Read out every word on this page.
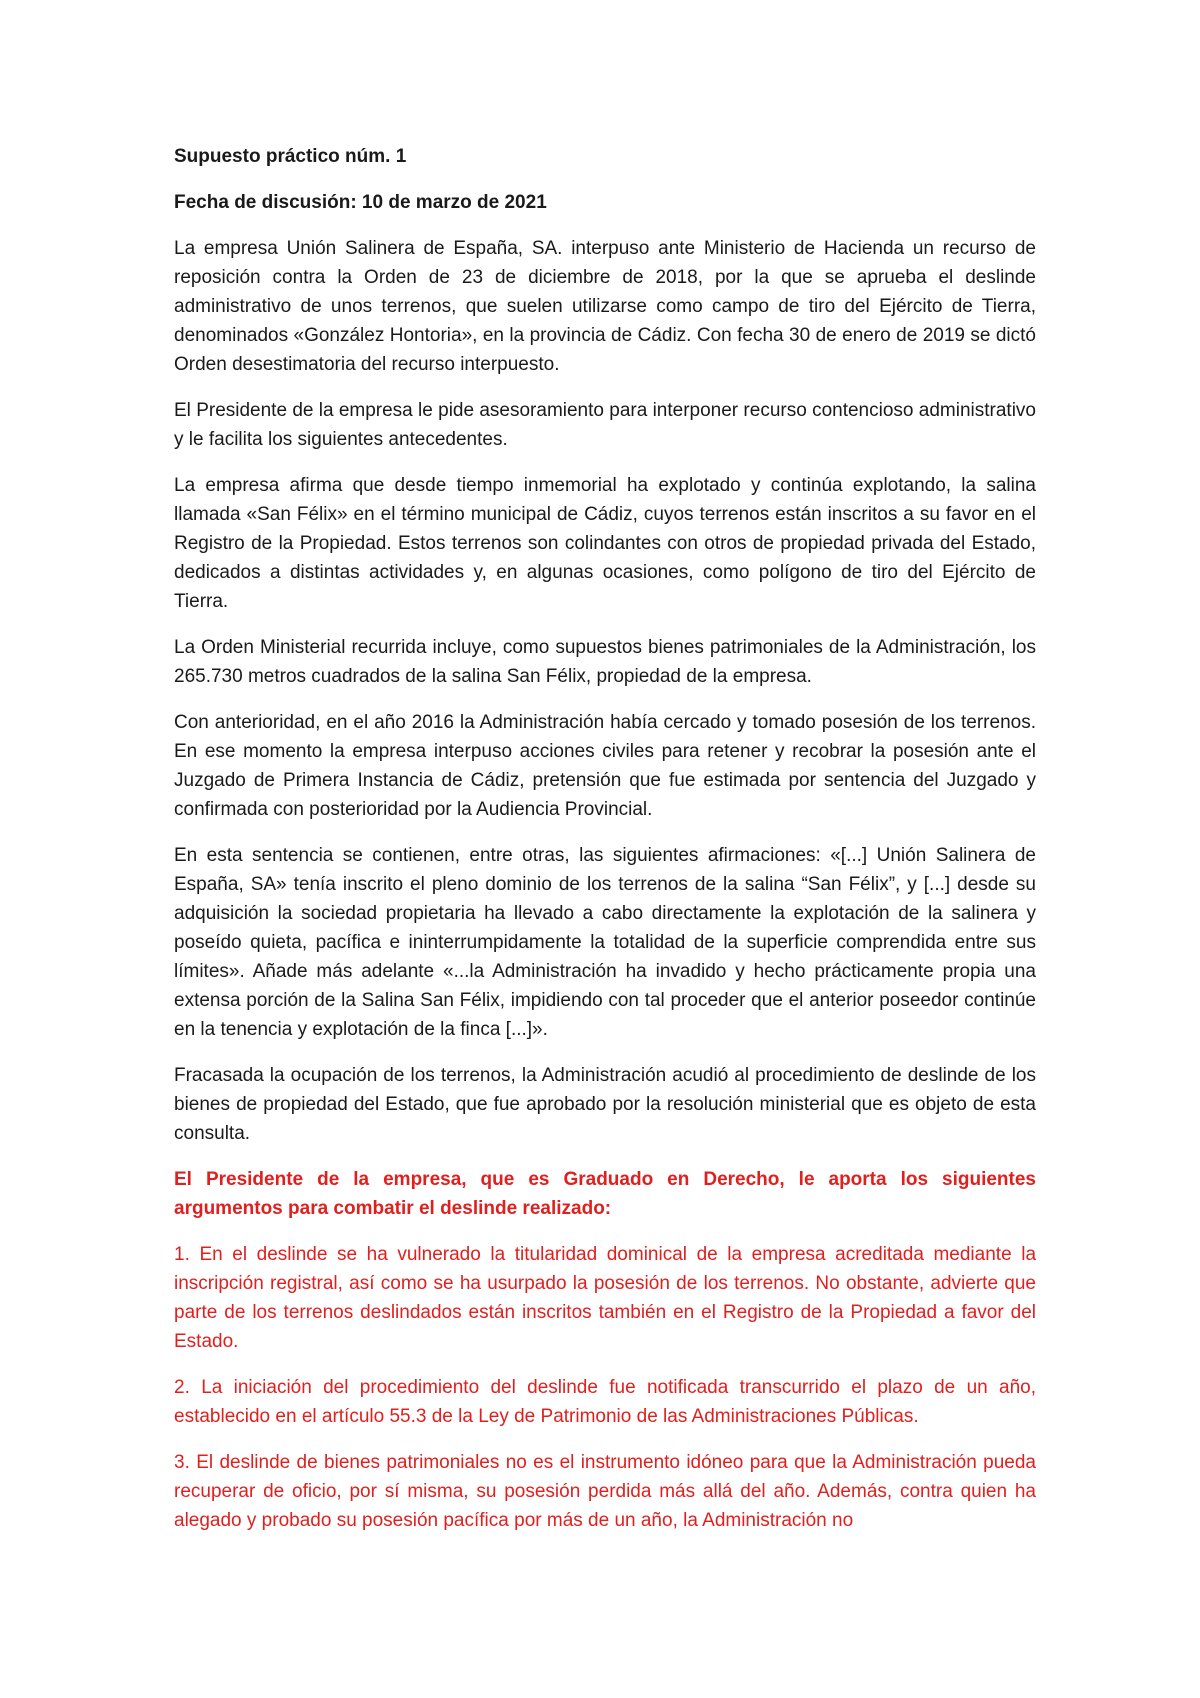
Supuesto práctico núm. 1

Fecha de discusión: 10 de marzo de 2021

La empresa Unión Salinera de España, SA. interpuso ante Ministerio de Hacienda un recurso de reposición contra la Orden de 23 de diciembre de 2018, por la que se aprueba el deslinde administrativo de unos terrenos, que suelen utilizarse como campo de tiro del Ejército de Tierra, denominados «González Hontoria», en la provincia de Cádiz. Con fecha 30 de enero de 2019 se dictó Orden desestimatoria del recurso interpuesto.

El Presidente de la empresa le pide asesoramiento para interponer recurso contencioso administrativo y le facilita los siguientes antecedentes.

La empresa afirma que desde tiempo inmemorial ha explotado y continúa explotando, la salina llamada «San Félix» en el término municipal de Cádiz, cuyos terrenos están inscritos a su favor en el Registro de la Propiedad. Estos terrenos son colindantes con otros de propiedad privada del Estado, dedicados a distintas actividades y, en algunas ocasiones, como polígono de tiro del Ejército de Tierra.

La Orden Ministerial recurrida incluye, como supuestos bienes patrimoniales de la Administración, los 265.730 metros cuadrados de la salina San Félix, propiedad de la empresa.

Con anterioridad, en el año 2016 la Administración había cercado y tomado posesión de los terrenos. En ese momento la empresa interpuso acciones civiles para retener y recobrar la posesión ante el Juzgado de Primera Instancia de Cádiz, pretensión que fue estimada por sentencia del Juzgado y confirmada con posterioridad por la Audiencia Provincial.

En esta sentencia se contienen, entre otras, las siguientes afirmaciones: «[...] Unión Salinera de España, SA» tenía inscrito el pleno dominio de los terrenos de la salina “San Félix”, y [...] desde su adquisición la sociedad propietaria ha llevado a cabo directamente la explotación de la salinera y poseído quieta, pacífica e ininterrumpidamente la totalidad de la superficie comprendida entre sus límites». Añade más adelante «...la Administración ha invadido y hecho prácticamente propia una extensa porción de la Salina San Félix, impidiendo con tal proceder que el anterior poseedor continúe en la tenencia y explotación de la finca [...]».

Fracasada la ocupación de los terrenos, la Administración acudió al procedimiento de deslinde de los bienes de propiedad del Estado, que fue aprobado por la resolución ministerial que es objeto de esta consulta.

El Presidente de la empresa, que es Graduado en Derecho, le aporta los siguientes argumentos para combatir el deslinde realizado:

1. En el deslinde se ha vulnerado la titularidad dominical de la empresa acreditada mediante la inscripción registral, así como se ha usurpado la posesión de los terrenos. No obstante, advierte que parte de los terrenos deslindados están inscritos también en el Registro de la Propiedad a favor del Estado.

2. La iniciación del procedimiento del deslinde fue notificada transcurrido el plazo de un año, establecido en el artículo 55.3 de la Ley de Patrimonio de las Administraciones Públicas.

3. El deslinde de bienes patrimoniales no es el instrumento idóneo para que la Administración pueda recuperar de oficio, por sí misma, su posesión perdida más allá del año. Además, contra quien ha alegado y probado su posesión pacífica por más de un año, la Administración no
